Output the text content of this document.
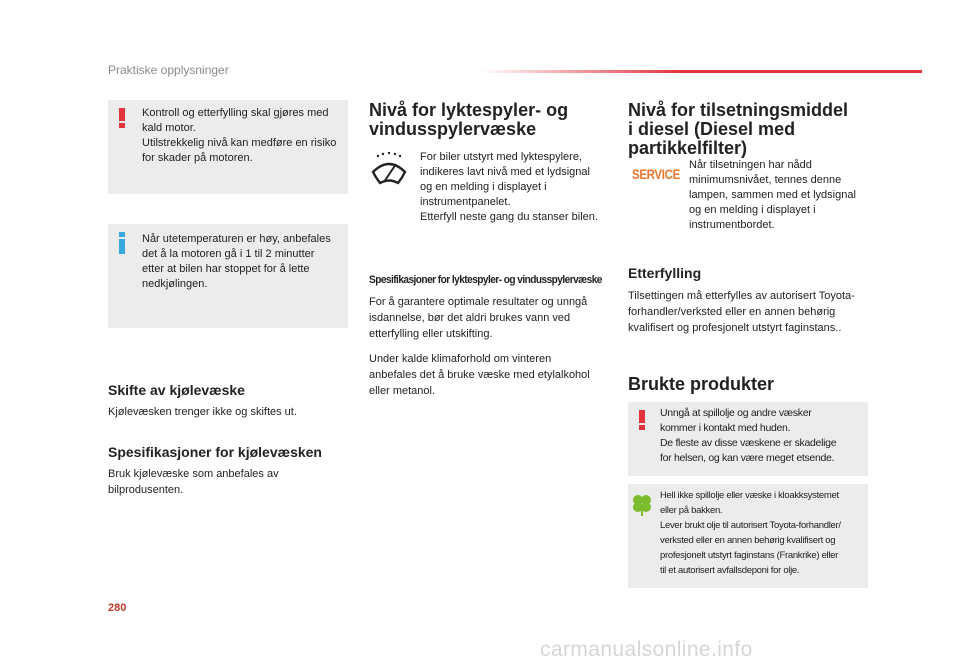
Praktiske opplysninger
Kontroll og etterfylling skal gjøres med
kald motor.
Utilstrekkelig nivå kan medføre en risiko
for skader på motoren.
Når utetemperaturen er høy, anbefales
det å la motoren gå i 1 til 2 minutter
etter at bilen har stoppet for å lette
nedkjølingen.
Skifte av kjølevæske
Kjølevæsken trenger ikke og skiftes ut.
Spesifikasjoner for kjølevæsken
Bruk kjølevæske som anbefales av
bilprodusenten.
Nivå for lyktespyler- og
vindusspylervæske
For biler utstyrt med lyktespylere,
indikeres lavt nivå med et lydsignal
og en melding i displayet i
instrumentpanelet.
Etterfyll neste gang du stanser bilen.
Spesifikasjoner for lyktespyler- og vindusspylervæske
For å garantere optimale resultater og unngå
isdannelse, bør det aldri brukes vann ved
etterfylling eller utskifting.
Under kalde klimaforhold om vinteren
anbefales det å bruke væske med etylalkohol
eller metanol.
Nivå for tilsetningsmiddel
i diesel (Diesel med
partikkelfilter)
SERVICE
Når tilsetningen har nådd
minimumsnivået, tennes denne
lampen, sammen med et lydsignal
og en melding i displayet i
instrumentbordet.
Etterfylling
Tilsettingen må etterfylles av autorisert Toyota-
forhandler/verksted eller en annen behørig
kvalifisert og profesjonelt utstyrt faginstans..
Brukte produkter
Unngå at spillolje og andre væsker
kommer i kontakt med huden.
De fleste av disse væskene er skadelige
for helsen, og kan være meget etsende.
Hell ikke spillolje eller væske i kloakksystemet
eller på bakken.
Lever brukt olje til autorisert Toyota-forhandler/
verksted eller en annen behørig kvalifisert og
profesjonelt utstyrt faginstans (Frankrike) eller
til et autorisert avfallsdeponi for olje.
280
carmanualsonline.info
